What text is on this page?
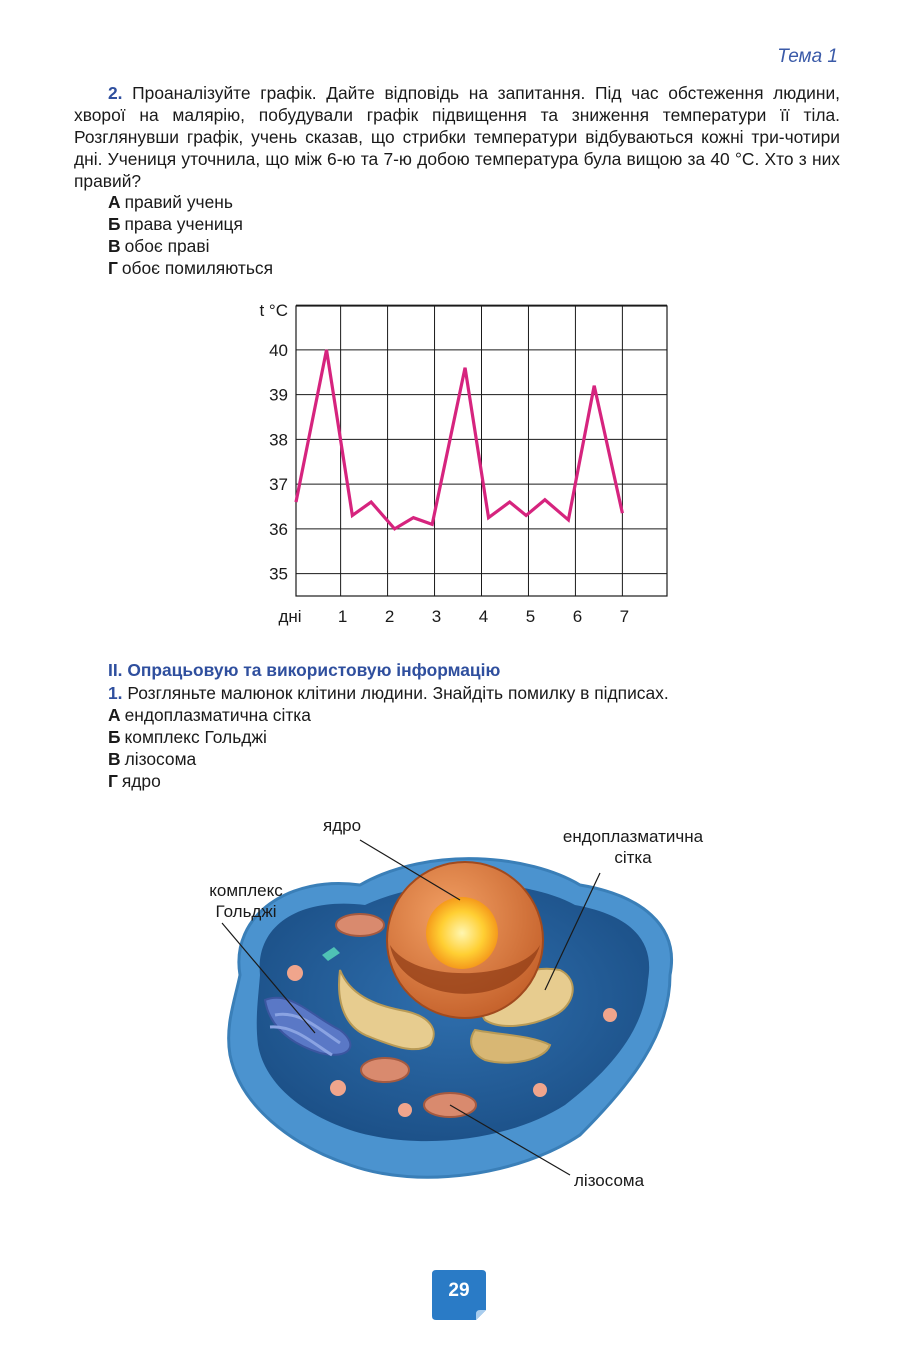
Тема 1
2. Проаналізуйте графік. Дайте відповідь на запитання. Під час обстеження людини, хворої на малярію, побудували графік підвищення та зниження температури її тіла. Розглянувши графік, учень сказав, що стрибки температури відбуваються кожні три-чотири дні. Учениця уточнила, що між 6-ю та 7-ю добою температура була вищою за 40 °С. Хто з них правий?
А правий учень
Б права учениця
В обоє праві
Г обоє помиляються
35
36
37
38
39
40
1 2 3 4 5 6 7
t °С
дні
II. Опрацьовую та використовую інформацію
1. Розгляньте малюнок клітини людини. Знайдіть помилку в підписах.
А ендоплазматична сітка
Б комплекс Гольджі
В лізосома
Г ядро
ядро
ендоплазматична
сітка
комплекс
Гольджі
лізосома
29
